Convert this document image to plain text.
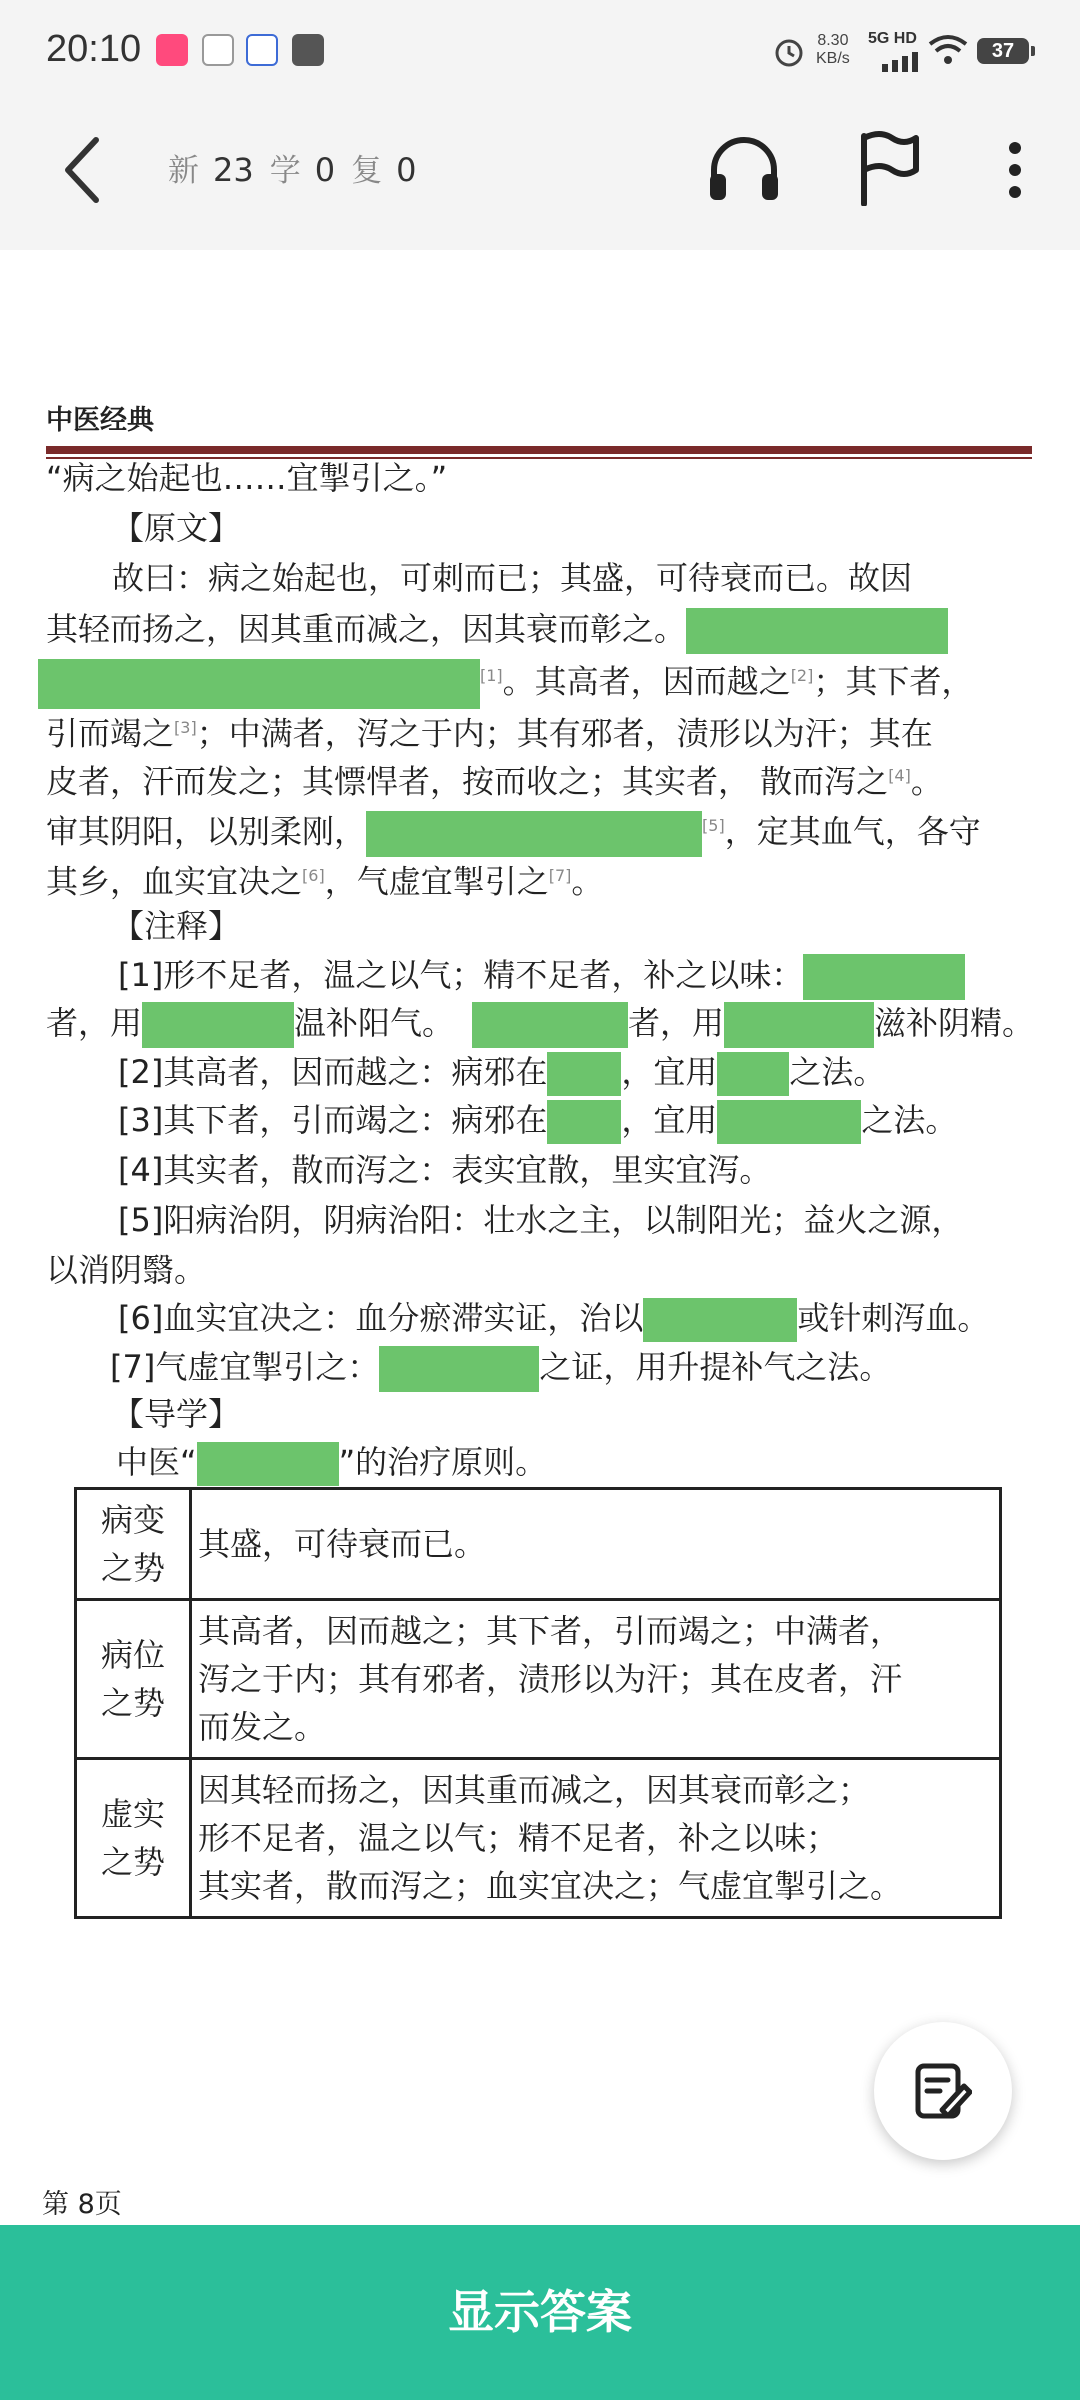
20:10	8.30
KB/s
5G HD
37
新 23 学 0 复 0
中医经典
“病之始起也……宜掣引之。”
【原文】
故曰：病之始起也，可刺而已；其盛，可待衰而已。故因
其轻而扬之，因其重而减之，因其衰而彰之。
[1]。其高者，因而越之[2]；其下者，
引而竭之[3]；中满者，泻之于内；其有邪者，渍形以为汗；其在
皮者，汗而发之；其慓悍者，按而收之；其实者， 散而泻之[4]。
审其阴阳，以别柔刚，	[5]，定其血气，各守
其乡，血实宜决之[6]，气虚宜掣引之[7]。
【注释】
[1]形不足者，温之以气；精不足者，补之以味：
者，用	温补阳气。	者，用	滋补阴精。
[2]其高者，因而越之：病邪在 ，宜用 之法。
[3]其下者，引而竭之：病邪在 ，宜用	之法。
[4]其实者，散而泻之：表实宜散，里实宜泻。
[5]阳病治阴，阴病治阳：壮水之主，以制阳光；益火之源，
以消阴翳。
[6]血实宜决之：血分瘀滞实证，治以	或针刺泻血。
[7]气虚宜掣引之：	之证，用升提补气之法。
【导学】
中医“	”的治疗原则。
病变
之势	其盛，可待衰而已。
病位
之势	其高者，因而越之；其下者，引而竭之；中满者，
泻之于内；其有邪者，渍形以为汗；其在皮者，汗
而发之。
虚实
之势	因其轻而扬之，因其重而减之，因其衰而彰之；
形不足者，温之以气；精不足者，补之以味；
其实者，散而泻之；血实宜决之；气虚宜掣引之。
第 8页
显示答案
